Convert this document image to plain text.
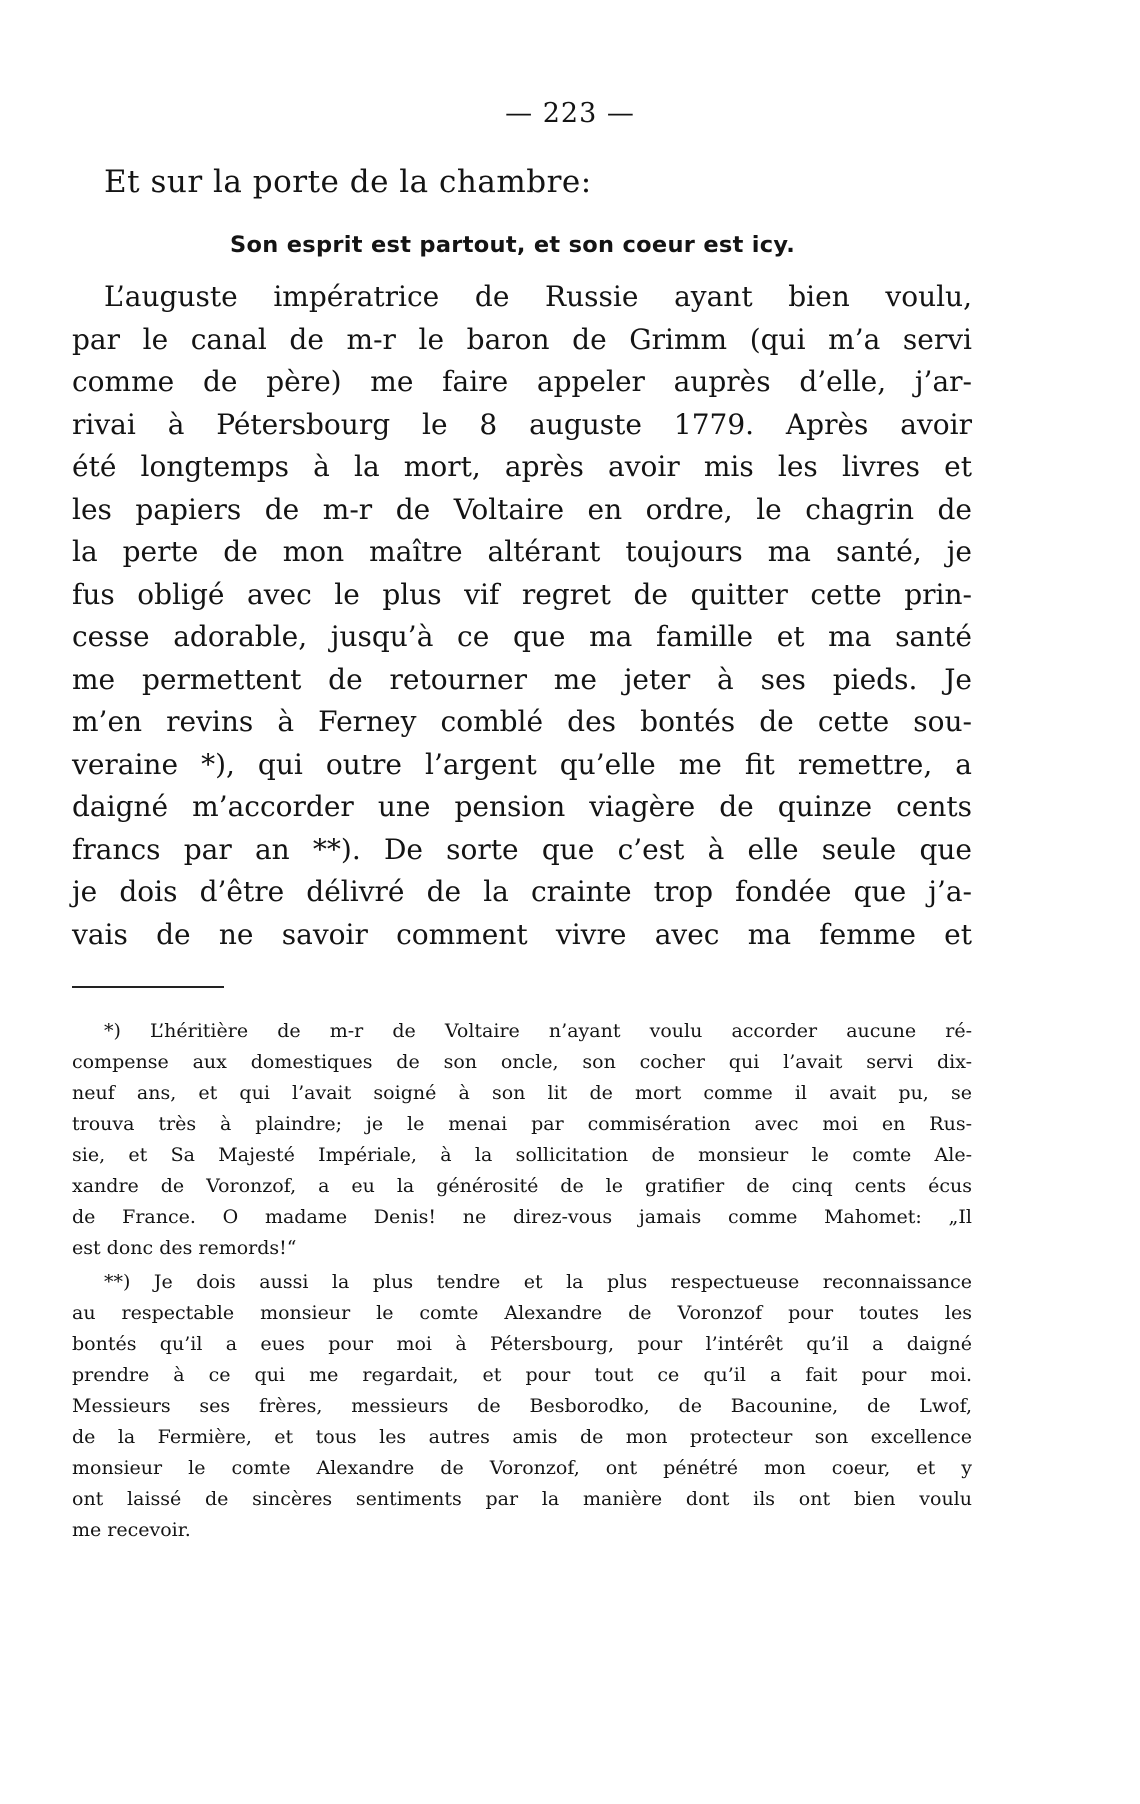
— 223 —
Et sur la porte de la chambre:
Son esprit est partout, et son coeur est icy.
L’auguste impératrice de Russie ayant bien voulu,
par le canal de m-r le baron de Grimm (qui m’a servi
comme de père) me faire appeler auprès d’elle, j’ar-
rivai à Pétersbourg le 8 auguste 1779. Après avoir
été longtemps à la mort, après avoir mis les livres et
les papiers de m-r de Voltaire en ordre, le chagrin de
la perte de mon maître altérant toujours ma santé, je
fus obligé avec le plus vif regret de quitter cette prin-
cesse adorable, jusqu’à ce que ma famille et ma santé
me permettent de retourner me jeter à ses pieds. Je
m’en revins à Ferney comblé des bontés de cette sou-
veraine *), qui outre l’argent qu’elle me fit remettre, a
daigné m’accorder une pension viagère de quinze cents
francs par an **). De sorte que c’est à elle seule que
je dois d’être délivré de la crainte trop fondée que j’a-
vais de ne savoir comment vivre avec ma femme et
*) L’héritière de m-r de Voltaire n’ayant voulu accorder aucune ré-
compense aux domestiques de son oncle, son cocher qui l’avait servi dix-
neuf ans, et qui l’avait soigné à son lit de mort comme il avait pu, se
trouva très à plaindre; je le menai par commisération avec moi en Rus-
sie, et Sa Majesté Impériale, à la sollicitation de monsieur le comte Ale-
xandre de Voronzof, a eu la générosité de le gratifier de cinq cents écus
de France. O madame Denis! ne direz-vous jamais comme Mahomet: „Il
est donc des remords!“
**) Je dois aussi la plus tendre et la plus respectueuse reconnaissance
au respectable monsieur le comte Alexandre de Voronzof pour toutes les
bontés qu’il a eues pour moi à Pétersbourg, pour l’intérêt qu’il a daigné
prendre à ce qui me regardait, et pour tout ce qu’il a fait pour moi.
Messieurs ses frères, messieurs de Besborodko, de Bacounine, de Lwof,
de la Fermière, et tous les autres amis de mon protecteur son excellence
monsieur le comte Alexandre de Voronzof, ont pénétré mon coeur, et y
ont laissé de sincères sentiments par la manière dont ils ont bien voulu
me recevoir.
